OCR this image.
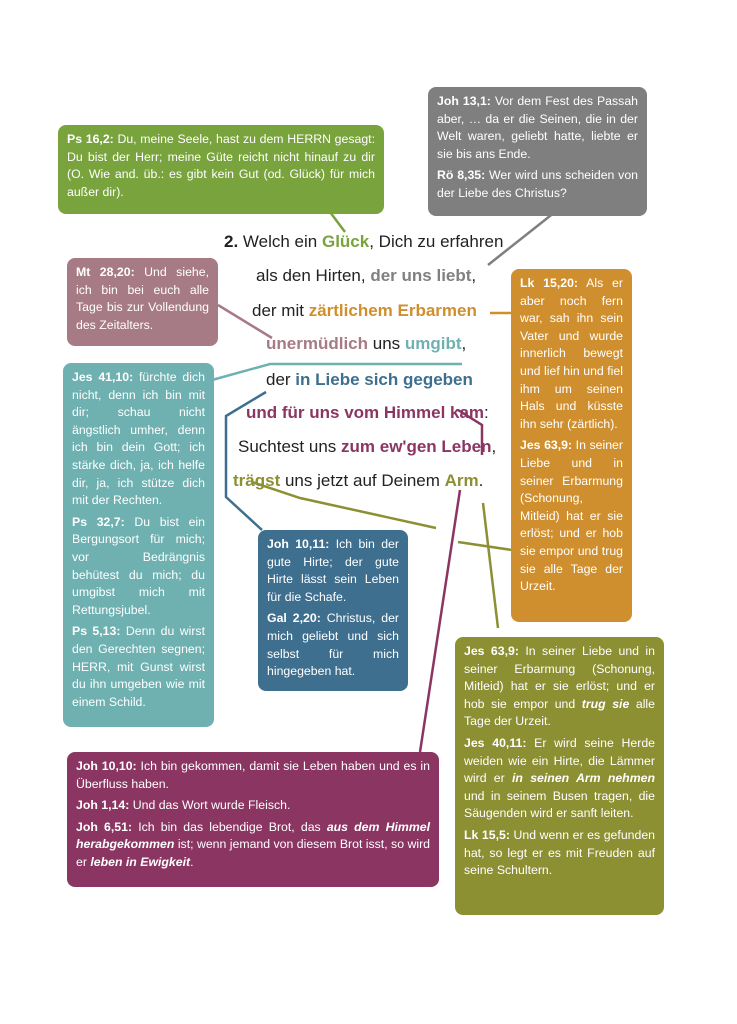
Ps 16,2: Du, meine Seele, hast zu dem HERRN gesagt: Du bist der Herr; meine Güte reicht nicht hinauf zu dir (O. Wie and. üb.: es gibt kein Gut (od. Glück) für mich außer dir).

Joh 13,1: Vor dem Fest des Passah aber, … da er die Seinen, die in der Welt waren, geliebt hatte, liebte er sie bis ans Ende.

Rö 8,35: Wer wird uns scheiden von der Liebe des Christus?

Mt 28,20: Und siehe, ich bin bei euch alle Tage bis zur Vollendung des Zeitalters.

Lk 15,20: Als er aber noch fern war, sah ihn sein Vater und wurde innerlich bewegt und lief hin und fiel ihm um seinen Hals und küsste ihn sehr (zärtlich).

Jes 63,9: In seiner Liebe und in seiner Erbarmung (Schonung, Mitleid) hat er sie erlöst; und er hob sie empor und trug sie alle Tage der Urzeit.

Jes 41,10: fürchte dich nicht, denn ich bin mit dir; schau nicht ängstlich umher, denn ich bin dein Gott; ich stärke dich, ja, ich helfe dir, ja, ich stütze dich mit der Rechten.

Ps 32,7: Du bist ein Bergungsort für mich; vor Bedrängnis behütest du mich; du umgibst mich mit Rettungsjubel.

Ps 5,13: Denn du wirst den Gerechten segnen; HERR, mit Gunst wirst du ihn umgeben wie mit einem Schild.

Joh 10,11: Ich bin der gute Hirte; der gute Hirte lässt sein Leben für die Schafe.

Gal 2,20: Christus, der mich geliebt und sich selbst für mich hingegeben hat.

Jes 63,9: In seiner Liebe und in seiner Erbarmung (Schonung, Mitleid) hat er sie erlöst; und er hob sie empor und trug sie alle Tage der Urzeit.

Jes 40,11: Er wird seine Herde weiden wie ein Hirte, die Lämmer wird er in seinen Arm nehmen und in seinem Busen tragen, die Säugenden wird er sanft leiten.

Lk 15,5: Und wenn er es gefunden hat, so legt er es mit Freuden auf seine Schultern.

Joh 10,10: Ich bin gekommen, damit sie Leben haben und es in Überfluss haben.

Joh 1,14: Und das Wort wurde Fleisch.

Joh 6,51: Ich bin das lebendige Brot, das aus dem Himmel herabgekommen ist; wenn jemand von diesem Brot isst, so wird er leben in Ewigkeit.

2. Welch ein Glück, Dich zu erfahren
als den Hirten, der uns liebt,
der mit zärtlichem Erbarmen
unermüdlich uns umgibt,
der in Liebe sich gegeben
und für uns vom Himmel kam:
Suchtest uns zum ew'gen Leben,
trägst uns jetzt auf Deinem Arm.
